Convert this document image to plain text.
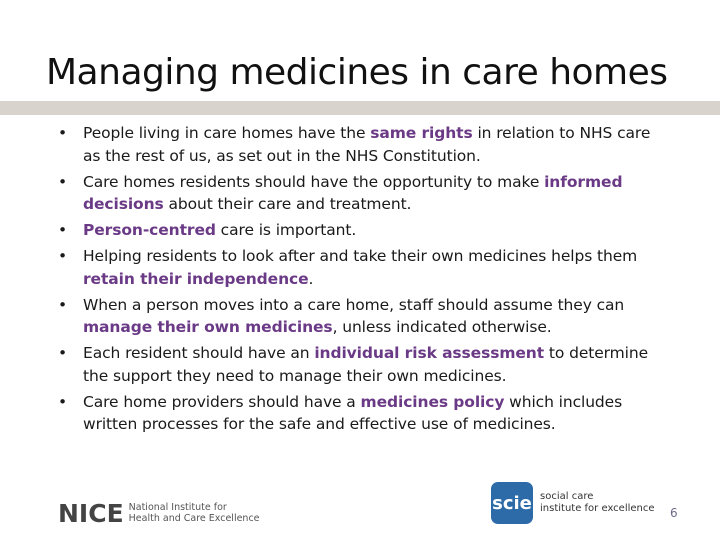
Managing medicines in care homes
• People living in care homes have the same rights in relation to NHS care as the rest of us, as set out in the NHS Constitution.
• Care homes residents should have the opportunity to make informed decisions about their care and treatment.
• Person-centred care is important.
• Helping residents to look after and take their own medicines helps them retain their independence.
• When a person moves into a care home, staff should assume they can manage their own medicines, unless indicated otherwise.
• Each resident should have an individual risk assessment to determine the support they need to manage their own medicines.
• Care home providers should have a medicines policy which includes written processes for the safe and effective use of medicines.
NICE National Institute for
Health and Care Excellence
scie social care
institute for excellence 6
